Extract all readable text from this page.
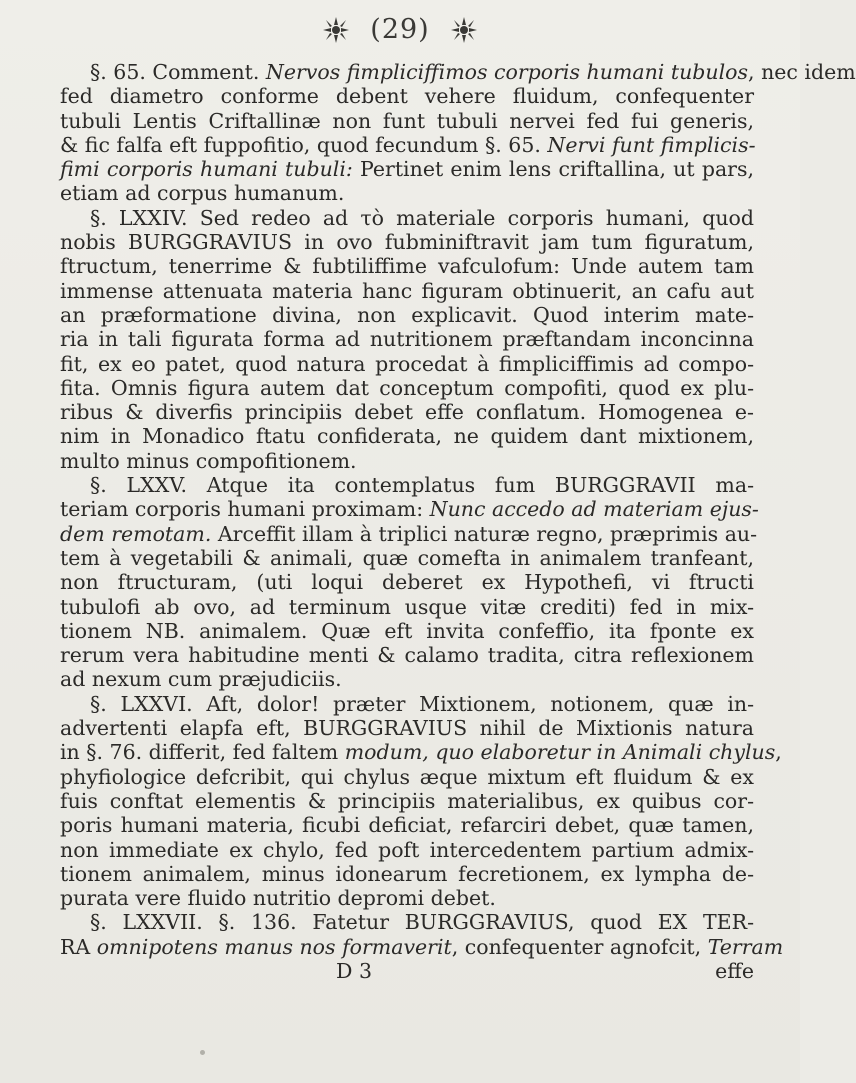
(29)
§. 65. Comment. Nervos fimpliciffimos corporis humani tubulos, nec idem
fed diametro conforme debent vehere fluidum, confequenter
tubuli Lentis Criftallinæ non funt tubuli nervei fed fui generis,
& fic falfa eft fuppofitio, quod fecundum §. 65. Nervi funt fimplicis-
fimi corporis humani tubuli: Pertinet enim lens criftallina, ut pars,
etiam ad corpus humanum.
§. LXXIV. Sed redeo ad τὸ materiale corporis humani, quod
nobis BURGGRAVIUS in ovo fubminiftravit jam tum figuratum,
ftructum, tenerrime & fubtiliffime vafculofum: Unde autem tam
immense attenuata materia hanc figuram obtinuerit, an cafu aut
an præformatione divina, non explicavit. Quod interim mate-
ria in tali figurata forma ad nutritionem præftandam inconcinna
fit, ex eo patet, quod natura procedat à fimpliciffimis ad compo-
fita. Omnis figura autem dat conceptum compofiti, quod ex plu-
ribus & diverfis principiis debet effe conflatum. Homogenea e-
nim in Monadico ftatu confiderata, ne quidem dant mixtionem,
multo minus compofitionem.
§. LXXV. Atque ita contemplatus fum BURGGRAVII ma-
teriam corporis humani proximam: Nunc accedo ad materiam ejus-
dem remotam. Arceffit illam à triplici naturæ regno, præprimis au-
tem à vegetabili & animali, quæ comefta in animalem tranfeant,
non ftructuram, (uti loqui deberet ex Hypothefi, vi ftructi
tubulofi ab ovo, ad terminum usque vitæ crediti) fed in mix-
tionem NB. animalem. Quæ eft invita confeffio, ita fponte ex
rerum vera habitudine menti & calamo tradita, citra reflexionem
ad nexum cum præjudiciis.
§. LXXVI. Aft, dolor! præter Mixtionem, notionem, quæ in-
advertenti elapfa eft, BURGGRAVIUS nihil de Mixtionis natura
in §. 76. differit, fed faltem modum, quo elaboretur in Animali chylus,
phyfiologice defcribit, qui chylus æque mixtum eft fluidum & ex
fuis conftat elementis & principiis materialibus, ex quibus cor-
poris humani materia, ficubi deficiat, refarciri debet, quæ tamen,
non immediate ex chylo, fed poft intercedentem partium admix-
tionem animalem, minus idonearum fecretionem, ex lympha de-
purata vere fluido nutritio depromi debet.
§. LXXVII. §. 136. Fatetur BURGGRAVIUS, quod EX TER-
RA omnipotens manus nos formaverit, confequenter agnofcit, Terram
D 3	effe
